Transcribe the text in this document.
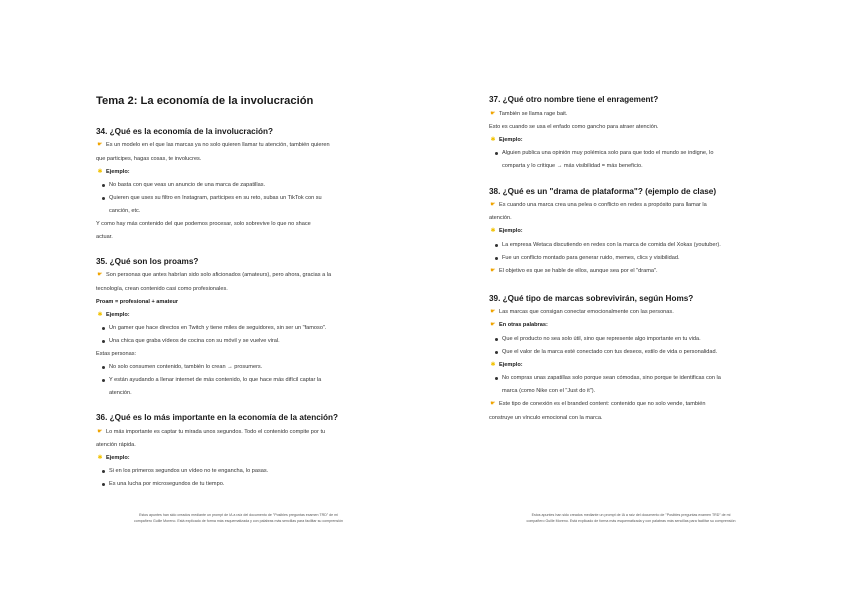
Tema 2: La economía de la involucración
34. ¿Qué es la economía de la involucración?
☛ Es un modelo en el que las marcas ya no solo quieren llamar tu atención, también quieren
que participes, hagas cosas, te involucres.
✱ Ejemplo:
No basta con que veas un anuncio de una marca de zapatillas.
Quieren que uses su filtro en Instagram, participes en su reto, subas un TikTok con su
canción, etc.
Y como hay más contenido del que podemos procesar, solo sobrevive lo que no shace
actuar.
35. ¿Qué son los proams?
☛ Son personas que antes habrían sido solo aficionados (amateurs), pero ahora, gracias a la
tecnología, crean contenido casi como profesionales.
Proam = profesional + amateur
✱ Ejemplo:
Un gamer que hace directos en Twitch y tiene miles de seguidores, sin ser un "famoso".
Una chica que graba vídeos de cocina con su móvil y se vuelve viral.
Estas personas:
No solo consumen contenido, también lo crean → prosumers.
Y están ayudando a llenar internet de más contenido, lo que hace más difícil captar la
atención.
36. ¿Qué es lo más importante en la economía de la atención?
☛ Lo más importante es captar tu mirada unos segundos. Todo el contenido compite por tu
atención rápida.
✱ Ejemplo:
Si en los primeros segundos un vídeo no te engancha, lo pasas.
Es una lucha por microsegundos de tu tiempo.
Estos apuntes han sido creados mediante un prompt de IA a raíz del documento de "Posibles preguntas examen TRD" de mi
compañero Guille Moreno. Está explicado de forma más esquematizada y con palabras más sencillas para facilitar su comprensión
37. ¿Qué otro nombre tiene el enragement?
☛ También se llama rage bait.
Esto es cuando se usa el enfado como gancho para atraer atención.
✱ Ejemplo:
Alguien publica una opinión muy polémica solo para que todo el mundo se indigne, lo
comparta y lo critique → más visibilidad = más beneficio.
38. ¿Qué es un "drama de plataforma"? (ejemplo de clase)
☛ Es cuando una marca crea una pelea o conflicto en redes a propósito para llamar la
atención.
✱ Ejemplo:
La empresa Wetaca discutiendo en redes con la marca de comida del Xokas (youtuber).
Fue un conflicto montado para generar ruido, memes, clics y visibilidad.
☛ El objetivo es que se hable de ellos, aunque sea por el "drama".
39. ¿Qué tipo de marcas sobrevivirán, según Homs?
☛ Las marcas que consigan conectar emocionalmente con las personas.
☛ En otras palabras:
Que el producto no sea solo útil, sino que represente algo importante en tu vida.
Que el valor de la marca esté conectado con tus deseos, estilo de vida o personalidad.
✱ Ejemplo:
No compras unas zapatillas solo porque sean cómodas, sino porque te identificas con la
marca (como Nike con el "Just do it").
☛ Este tipo de conexión es el branded content: contenido que no solo vende, también
construye un vínculo emocional con la marca.
Estos apuntes han sido creados mediante un prompt de IA a raíz del documento de "Posibles preguntas examen TRD" de mi
compañero Guille Moreno. Está explicado de forma más esquematizada y con palabras más sencillas para facilitar su comprensión
